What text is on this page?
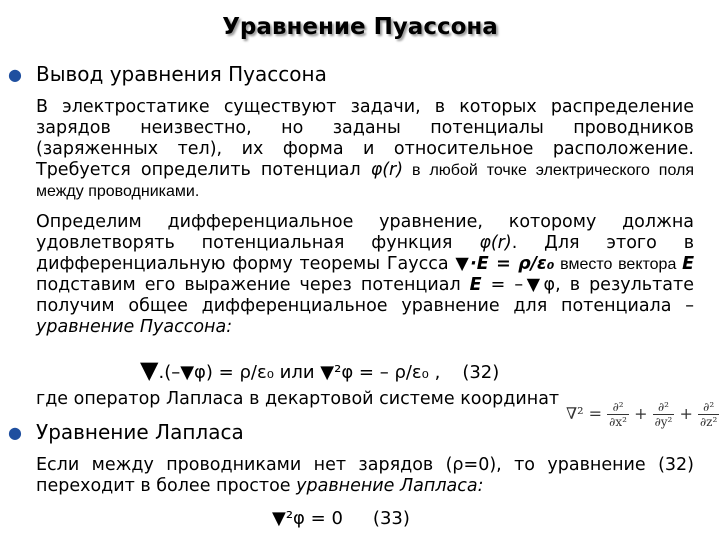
Уравнение Пуассона
● Вывод уравнения Пуассона
В электростатике существуют задачи, в которых распределение зарядов неизвестно, но заданы потенциалы проводников (заряженных тел), их форма и относительное расположение. Требуется определить потенциал φ(r) в любой точке электрического поля между проводниками.
Определим дифференциальное уравнение, которому должна удовлетворять потенциальная функция φ(r). Для этого в дифференциальную форму теоремы Гаусса ▼·E = ρ/ε₀ вместо вектора E подставим его выражение через потенциал E = –▼φ, в результате получим общее дифференциальное уравнение для потенциала – уравнение Пуассона:
▼.(–▼φ) = ρ/ε₀ или ▼²φ = – ρ/ε₀ , (32)
где оператор Лапласа в декартовой системе координат
$\nabla^2 = \frac{\text{∂²}}{\text{∂x²}} + \frac{\text{∂²}}{\text{∂y²}} + \frac{\text{∂²}}{\text{∂z²}}$
● Уравнение Лапласа
Если между проводниками нет зарядов (ρ=0), то уравнение (32) переходит в более простое уравнение Лапласа:
▼²φ = 0 (33)
